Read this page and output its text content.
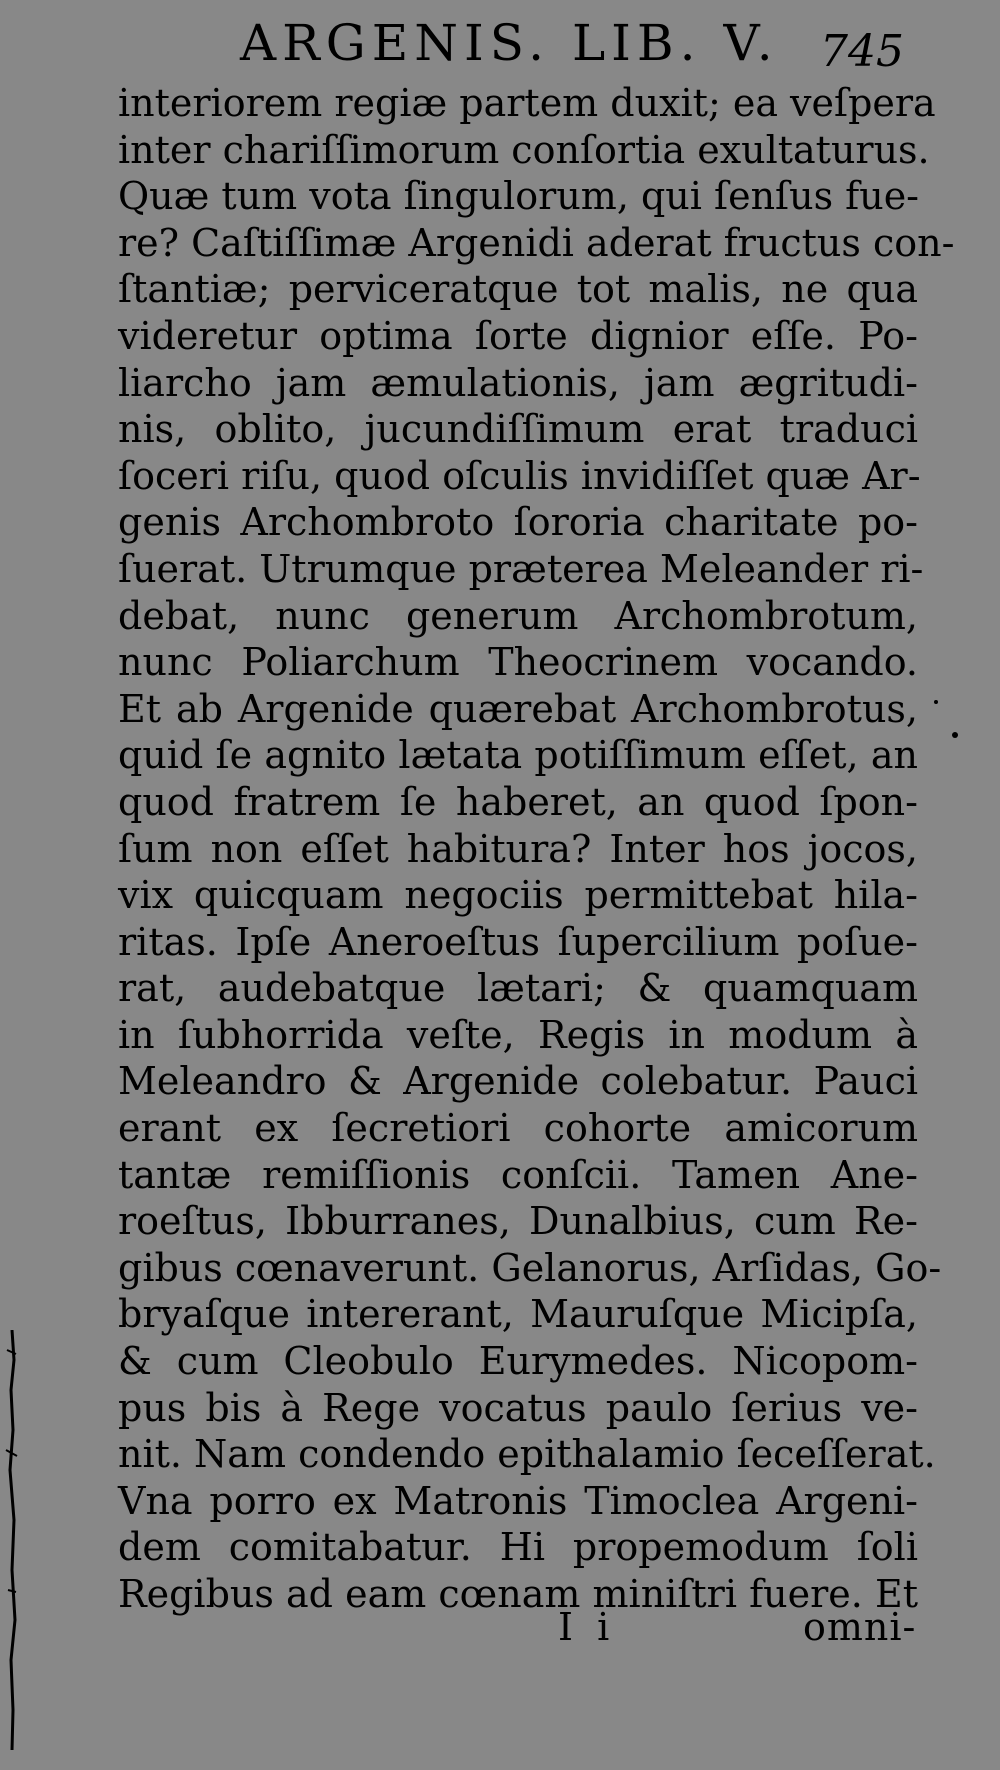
ARGENIS. LIB. V. 745
interiorem regiæ partem duxit; ea veſpera
inter chariſſimorum conſortia exultaturus.
Quæ tum vota ſingulorum, qui ſenſus fue-
re? Caſtiſſimæ Argenidi aderat fructus con-
ſtantiæ; perviceratque tot malis, ne qua
videretur optima ſorte dignior eſſe. Po-
liarcho jam æmulationis, jam ægritudi-
nis, oblito, jucundiſſimum erat traduci
ſoceri riſu, quod oſculis invidiſſet quæ Ar-
genis Archombroto ſororia charitate po-
ſuerat. Utrumque præterea Meleander ri-
debat, nunc generum Archombrotum,
nunc Poliarchum Theocrinem vocando.
Et ab Argenide quærebat Archombrotus,
quid ſe agnito lætata potiſſimum eſſet, an
quod fratrem ſe haberet, an quod ſpon-
ſum non eſſet habitura? Inter hos jocos,
vix quicquam negociis permittebat hila-
ritas. Ipſe Aneroeſtus ſupercilium poſue-
rat, audebatque lætari; & quamquam
in ſubhorrida veſte, Regis in modum à
Meleandro & Argenide colebatur. Pauci
erant ex ſecretiori cohorte amicorum
tantæ remiſſionis conſcii. Tamen Ane-
roeſtus, Ibburranes, Dunalbius, cum Re-
gibus cœnaverunt. Gelanorus, Arſidas, Go-
bryaſque intererant, Mauruſque Micipſa,
& cum Cleobulo Eurymedes. Nicopom-
pus bis à Rege vocatus paulo ſerius ve-
nit. Nam condendo epithalamio ſeceſſerat.
Vna porro ex Matronis Timoclea Argeni-
dem comitabatur. Hi propemodum ſoli
Regibus ad eam cœnam miniſtri fuere. Et
I i	omni-
